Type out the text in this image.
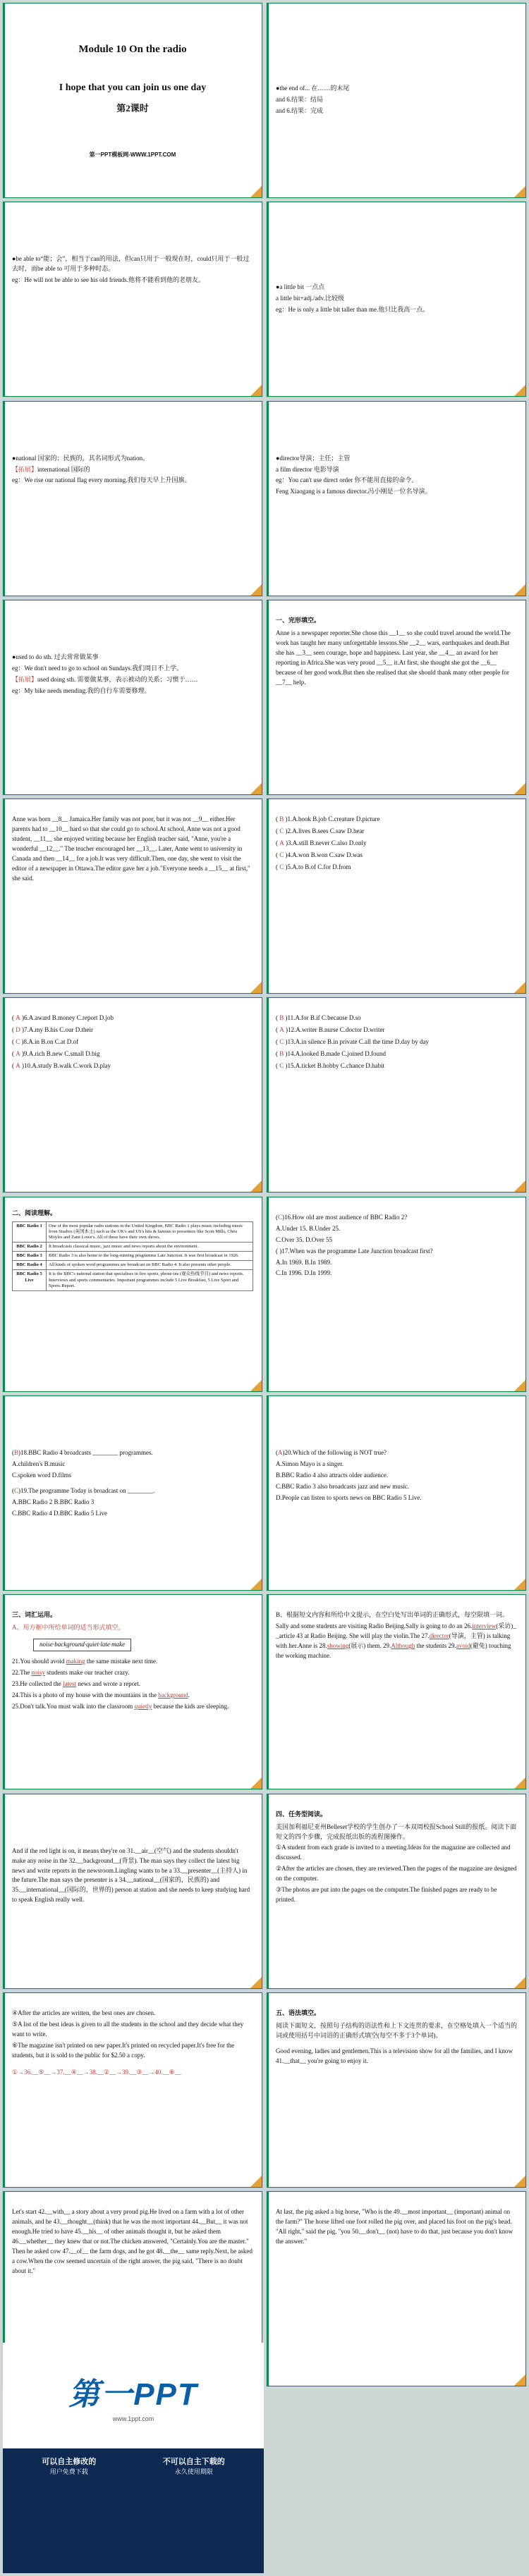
Module 10 On the radio
I hope that you can join us one day
第2课时
第一PPT模板网-WWW.1PPT.COM

●the end of... 在……的末尾

and 6.结果：结局

and 6.结果：完成

●be able to“能；会”，相当于can的用法，但can只用于一般现在时，could只用于一般过去时，而be able to 可用于多种时态。

eg：He will not be able to see his old friends.他将不能看到他的老朋友。

●a little bit 一点点

a little bit+adj./adv.比较级

eg：He is only a little bit taller than me.他只比我高一点。

●national 国家的；民族的，其名词形式为nation。

【拓展】international 国际的

eg：We rise our national flag every morning.我们每天早上升国旗。

●director导演；主任；主管

a film director 电影导演

eg：You can't use direct order 你不能用直接的命令。

Feng Xiaogang is a famous director.冯小刚是一位名导演。

●used to do sth. 过去常常做某事

eg：We don't need to go to school on Sundays.我们周日不上学。

【拓展】used doing sth. 需要做某事，表示被动的关系；习惯于……

eg：My bike needs mending.我的自行车需要修理。

一、完形填空。

Anne is a newspaper reporter.She chose this __1__ so she could travel around the world.The work has taught her many unforgettable lessons.She __2__ wars, earthquakes and death.But she has __3__ seen courage, hope and happiness. Last year, she __4__ an award for her reporting in Africa.She was very proud __5__ it.At first, she thought she got the __6__ because of her good work.But then she realised that she should thank many other people for __7__ help.

Anne was born __8__ Jamaica.Her family was not poor, but it was not __9__ either.Her parents had to __10__ hard so that she could go to school.At school, Anne was not a good student, __11__ she enjoyed writing because her English teacher said, "Anne, you're a wonderful __12__." The teacher encouraged her __13__. Later, Anne went to university in Canada and then __14__ for a job.It was very difficult.Then, one day, she went to visit the editor of a newspaper in Ottawa.The editor gave her a job."Everyone needs a __15__ at first," she said.

( B )1.A.book B.job C.creature D.picture

( C )2.A.lives B.sees C.saw D.hear

( A )3.A.still B.never C.also D.only

( C )4.A.won B.won C.saw D.was

( C )5.A.to B.of C.for D.from

( A )6.A.award B.money C.report D.job

( D )7.A.my B.his C.our D.their

( C )8.A.in B.on C.at D.of

( A )9.A.rich B.new C.small D.big

( A )10.A.study B.walk C.work D.play

( B )11.A.for B.if C.because D.so

( A )12.A.writer B.nurse C.doctor D.writer

( C )13.A.in silence B.in private C.all the time D.day by day

( B )14.A.looked B.made C.joined D.found

( C )15.A.ticket B.hobby C.chance D.habit

二、阅读理解。

BBC Radio 1	One of the most popular radio stations in the United Kingdom, BBC Radio 1 plays music including music from Studios (英国本土) such as the UK's and US's hits & famous to presenters like Scott Mills, Chris Moyles and Zane Lowe's. All of these have their own shows.
BBC Radio 2	It broadcasts classical music, jazz music and news reports about the environment.
BBC Radio 3	BBC Radio 3 is also home to the long-running programme Late Junction. It was first broadcast in 1926.
BBC Radio 4	All kinds of spoken word programmes are broadcast on BBC Radio 4. It also presents other people.
BBC Radio 5 Live	It is the BBC's national station that specialises in live sports, phone-ins (观众热线节目) and news reports. Interviews and sports commentaries. Important programmes include 5 Live Breakfast, 5 Live Sport and Sports Report.

(C)16.How old are most audience of BBC Radio 2?

A.Under 15. B.Under 25.

C.Over 35. D.Over 55

( )17.When was the programme Late Junction broadcast first?

A.In 1969. B.In 1989.

C.In 1996. D.In 1999.

(B)18.BBC Radio 4 broadcasts ________ programmes.

A.children's B.music

C.spoken word D.films

(C)19.The programme Today is broadcast on ________.

A.BBC Radio 2 B.BBC Radio 3

C.BBC Radio 4 D.BBC Radio 5 Live

(A)20.Which of the following is NOT true?

A.Simon Mayo is a singer.

B.BBC Radio 4 also attracts older audience.

C.BBC Radio 3 also broadcasts jazz and new music.

D.People can listen to sports news on BBC Radio 5 Live.

三、词汇运用。

A、用方框中所给单词的适当形式填空。

noise·background·quiet·late·make

21.You should avoid making the same mistake next time.

22.The noisy students make our teacher crazy.

23.He collected the latest news and wrote a report.

24.This is a photo of my house with the mountains in the background.

25.Don't talk.You must walk into the classroom quietly because the kids are sleeping.

B、根据短文内容和所给中文提示，在空白处写出单词的正确形式，每空限填一词。

Sally and some students are visiting Radio Beijing.Sally is going to do an 26.interview(采访)_ _article 43 at Radio Beijing. She will play the violin.The 27.director(导演，主管) is talking with her.Anne is 28.showing(展示) them. 29.Although the students 29.avoid(避免) touching the working machine.

And if the red light is on, it means they're on 31.__air__(空气) and the students shouldn't make any noise in the 32.__background__(背景). The man says they collect the latest big news and write reports in the newsroom.Lingling wants to be a 33.__presenter__(主持人) in the future.The man says the presenter is a 34.__national__(国家的，民族的) and 35.__international__(国际的，世界的) person at station and she needs to keep studying hard to speak English really well.

四、任务型阅读。

美国加利福尼亚州Belleset学校的学生创办了一本双周校报School Still的报纸。阅读下面短文的四个步骤，完成报纸出版的流程图操作。

①A student from each grade is invited to a meeting.Ideas for the magazine are collected and discussed.

②After the articles are chosen, they are reviewed.Then the pages of the magazine are designed on the computer.

③The photos are put into the pages on the computer.The finished pages are ready to be printed.

④After the articles are written, the best ones are chosen.

⑤A list of the best ideas is given to all the students in the school and they decide what they want to write.

⑥The magazine isn't printed on new paper.It's printed on recycled paper.It's free for the students, but it is sold to the public for $2.50 a copy.

①→36.__⑤__→37.__④__→38.__②__→39.__③__→40.__⑥__

五、语法填空。

阅读下面短文，按照句子结构的语法性和上下文连贯的要求，在空格处填入一个适当的词或使用括号中词语的正确形式填空(每空不多于3个单词)。

Good evening, ladies and gentlemen.This is a television show for all the families, and I know 41.__that__ you're going to enjoy it.

Let's start 42.__with__ a story about a very proud pig.He lived on a farm with a lot of other animals, and he 43.__thought__(think) that he was the most important 44.__But__ it was not enough.He tried to have 45.__his__ of other animals thought it, but he asked them 46.__whether__ they knew that or not.The chicken answered, "Certainly.You are the master." Then he asked cow 47.__of__ the farm dogs, and he got 48.__the__ same reply.Next, he asked a cow.When the cow seemed uncertain of the right answer, the pig said, "There is no doubt about it."

At last, the pig asked a big horse, "Who is the 49.__most important__ (important) animal on the farm?" The horse lifted one foot rolled the pig over, and placed his foot on the pig's head. "All right," said the pig, "you 50.__don't__ (not) have to do that, just because you don't know the answer."

第一PPT
www.1ppt.com
可以自主修改的
用户免费下载
不可以自主下载的
永久使用期限
